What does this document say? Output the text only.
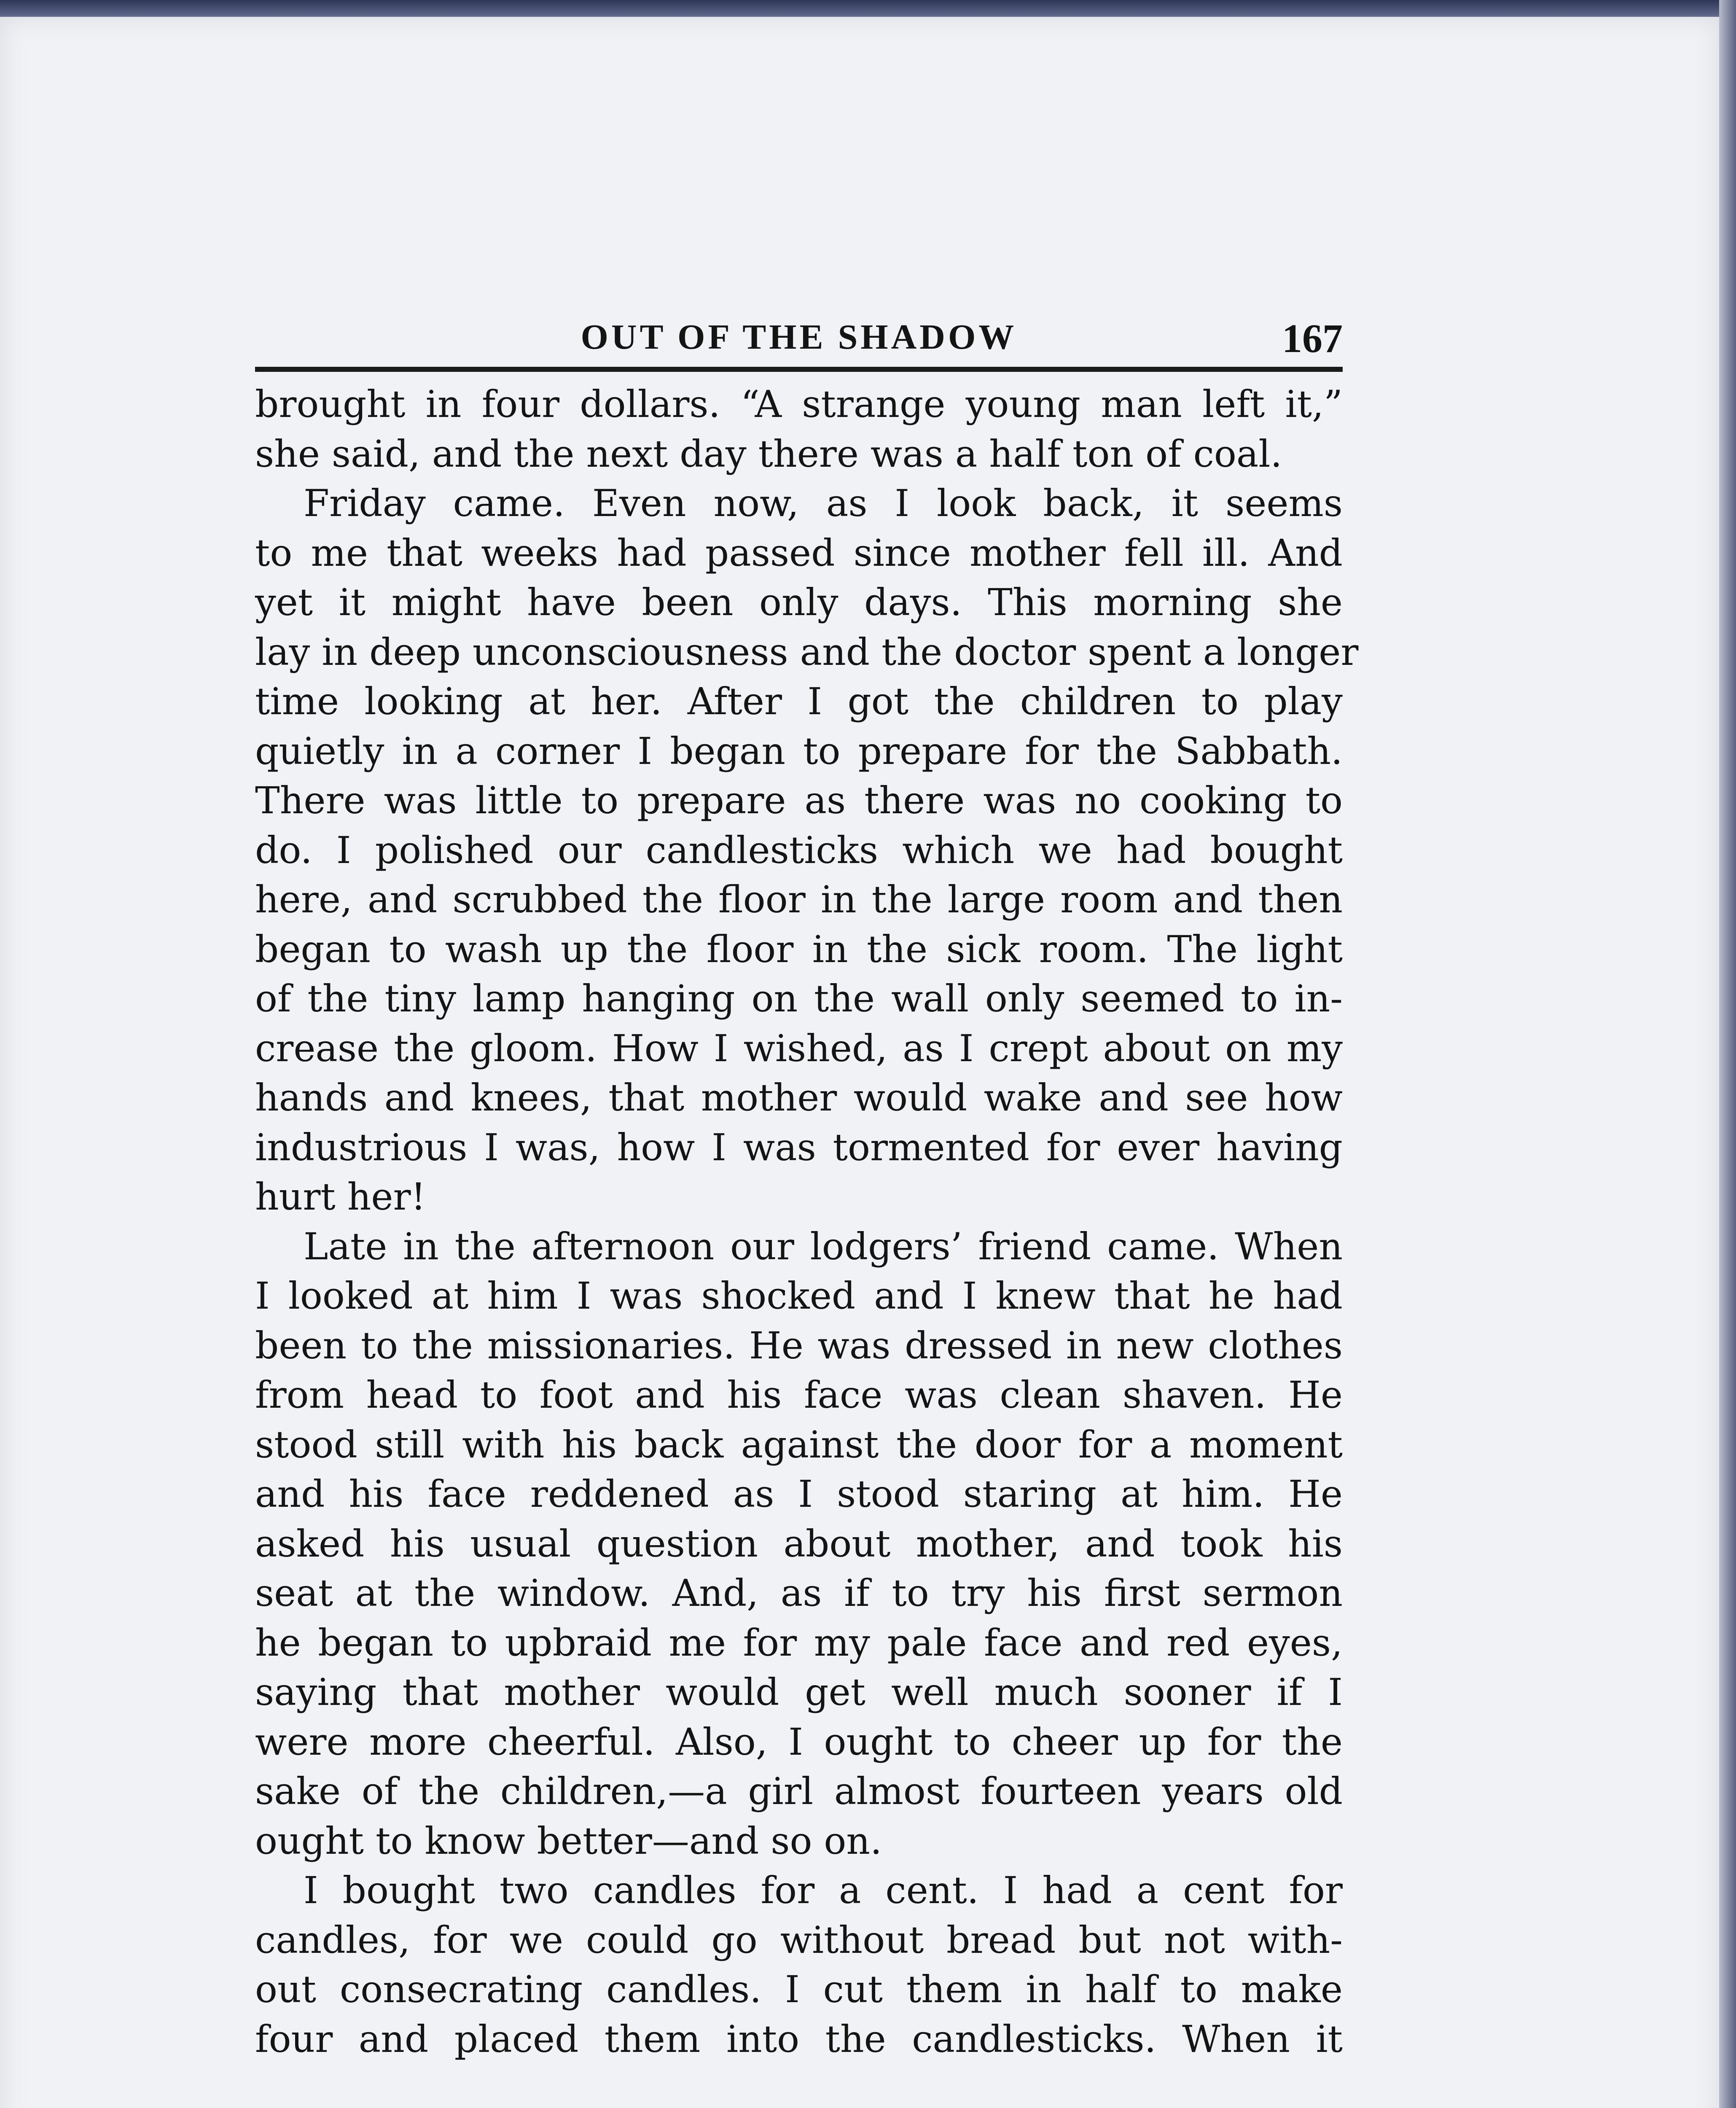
OUT OF THE SHADOW	167
brought in four dollars. “A strange young man left it,”
she said, and the next day there was a half ton of coal.
Friday came. Even now, as I look back, it seems
to me that weeks had passed since mother fell ill. And
yet it might have been only days. This morning she
lay in deep unconsciousness and the doctor spent a longer
time looking at her. After I got the children to play
quietly in a corner I began to prepare for the Sabbath.
There was little to prepare as there was no cooking to
do. I polished our candlesticks which we had bought
here, and scrubbed the floor in the large room and then
began to wash up the floor in the sick room. The light
of the tiny lamp hanging on the wall only seemed to in-
crease the gloom. How I wished, as I crept about on my
hands and knees, that mother would wake and see how
industrious I was, how I was tormented for ever having
hurt her!
Late in the afternoon our lodgers’ friend came. When
I looked at him I was shocked and I knew that he had
been to the missionaries. He was dressed in new clothes
from head to foot and his face was clean shaven. He
stood still with his back against the door for a moment
and his face reddened as I stood staring at him. He
asked his usual question about mother, and took his
seat at the window. And, as if to try his first sermon
he began to upbraid me for my pale face and red eyes,
saying that mother would get well much sooner if I
were more cheerful. Also, I ought to cheer up for the
sake of the children,—a girl almost fourteen years old
ought to know better—and so on.
I bought two candles for a cent. I had a cent for
candles, for we could go without bread but not with-
out consecrating candles. I cut them in half to make
four and placed them into the candlesticks. When it
